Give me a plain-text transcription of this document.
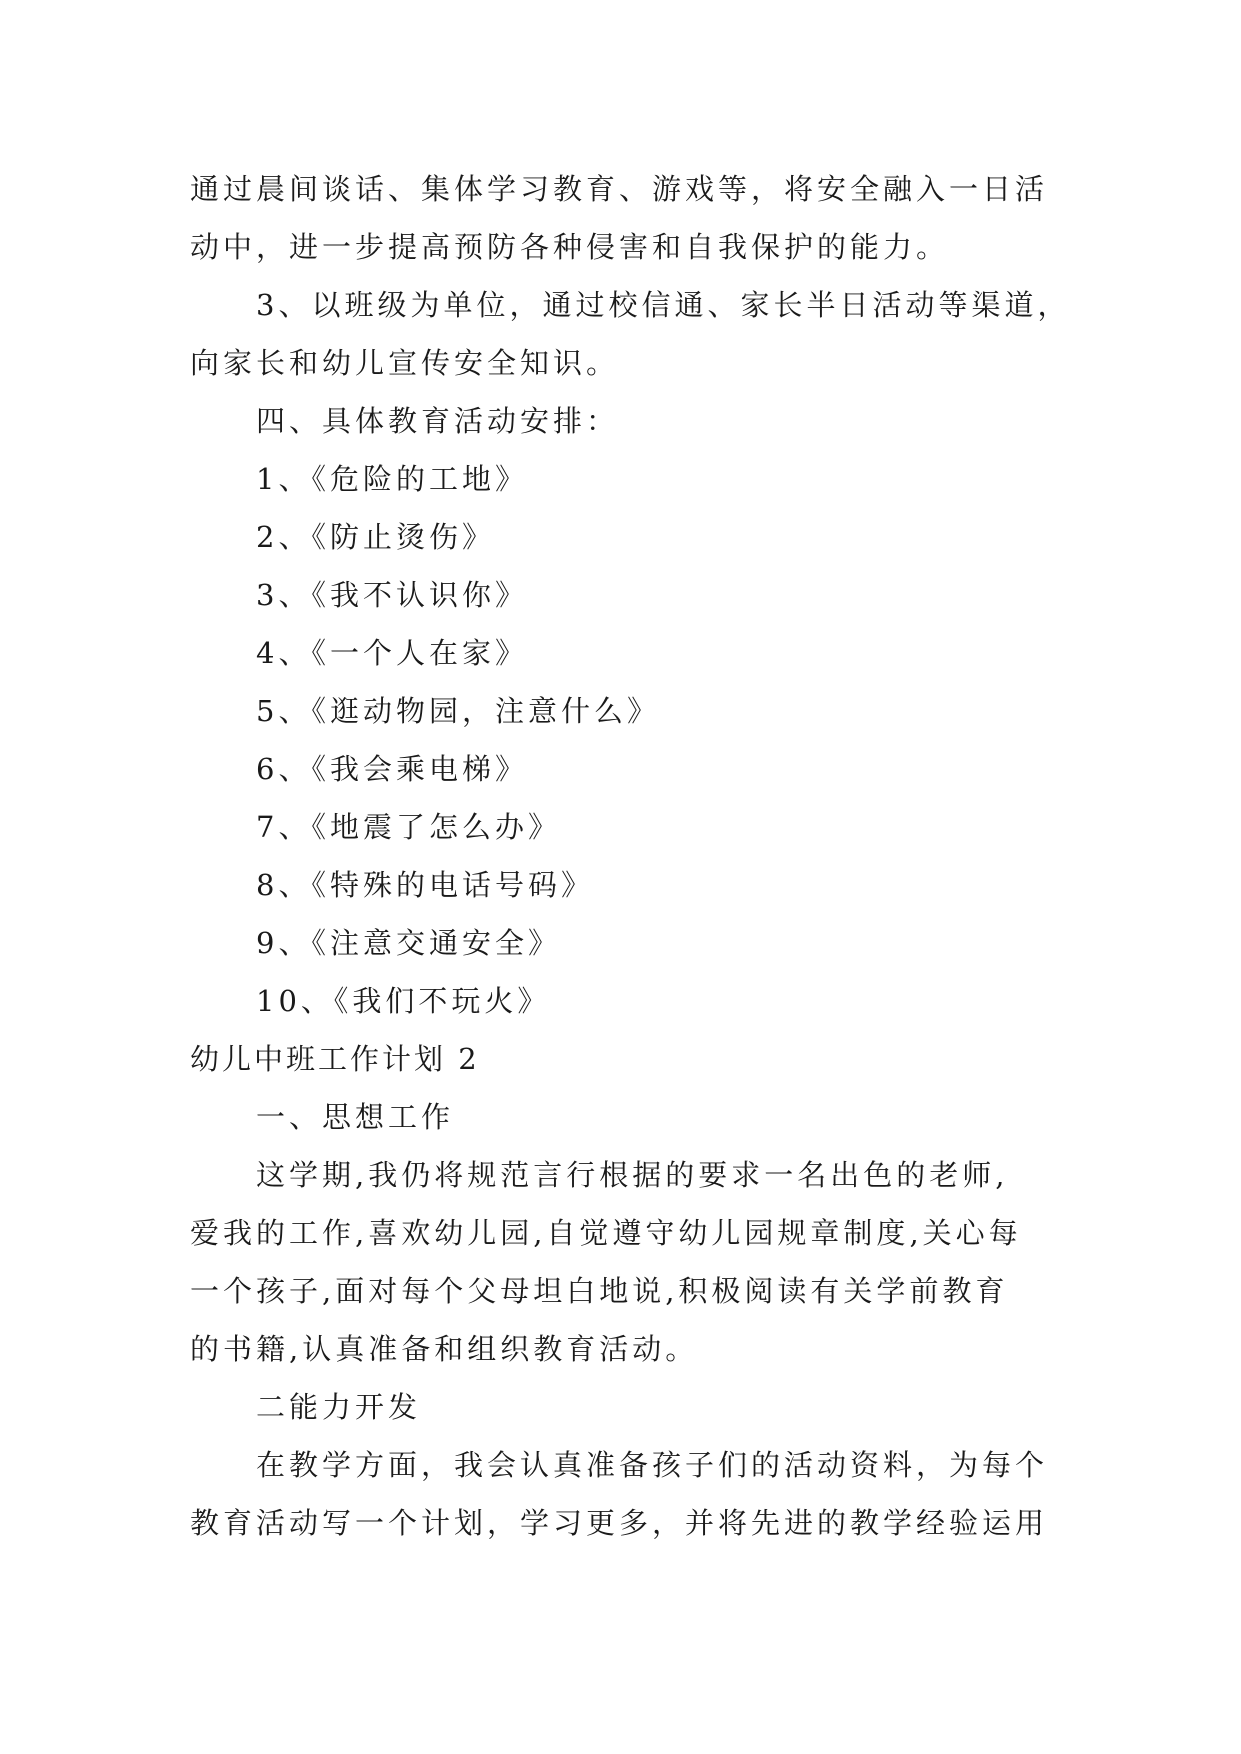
通过晨间谈话、集体学习教育、游戏等，将安全融入一日活
动中，进一步提高预防各种侵害和自我保护的能力。
3、以班级为单位，通过校信通、家长半日活动等渠道，
向家长和幼儿宣传安全知识。
四、具体教育活动安排：
1、《危险的工地》
2、《防止烫伤》
3、《我不认识你》
4、《一个人在家》
5、《逛动物园，注意什么》
6、《我会乘电梯》
7、《地震了怎么办》
8、《特殊的电话号码》
9、《注意交通安全》
10、《我们不玩火》
幼儿中班工作计划 2
一、思想工作
这学期,我仍将规范言行根据的要求一名出色的老师,
爱我的工作,喜欢幼儿园,自觉遵守幼儿园规章制度,关心每
一个孩子,面对每个父母坦白地说,积极阅读有关学前教育
的书籍,认真准备和组织教育活动。
二能力开发
在教学方面，我会认真准备孩子们的活动资料，为每个
教育活动写一个计划，学习更多，并将先进的教学经验运用
